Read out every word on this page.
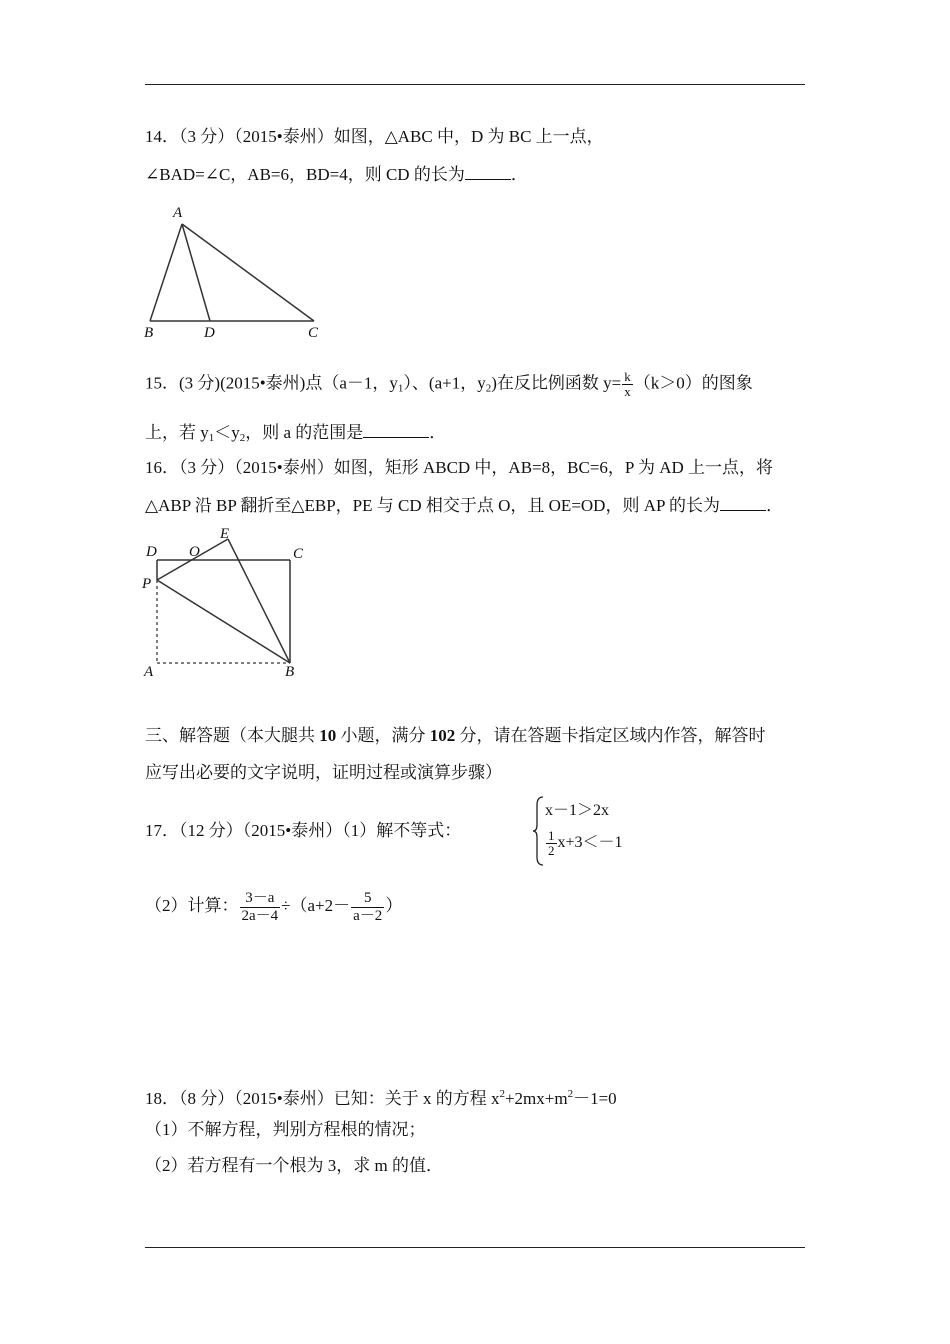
14．（3 分）（2015•泰州）如图，△ABC 中，D 为 BC 上一点，
∠BAD=∠C，AB=6，BD=4，则 CD 的长为	．
A
B	D	C
15．(3 分)(2015•泰州)点（a－1，$y_1$）、(a+1，$y_2$)在反比例函数 $y= \frac{k}{x} (k>0)$的图象
上，若 $y_1<y_2$，则 a 的范围是	．
16．（3 分）（2015•泰州）如图，矩形 ABCD 中，AB=8，BC=6，P 为 AD 上一点，将
△ABP 沿 BP 翻折至△EBP，PE 与 CD 相交于点 O，且 OE=OD，则 AP 的长为	．
D O
E
C
P
A	B
三、解答题（本大腿共 10 小题，满分 102 分，请在答题卡指定区域内作答，解答时
应写出必要的文字说明，证明过程或演算步骤）
17．（12 分）（2015•泰州）（1）解不等式：
x－1＞2x
$\frac{1}{2} x+3<-1$
（2）计算： $\frac{3-a}{2a-4} \div(a+2- \frac{5}{a-2}$ ）
18．（8 分）（2015•泰州）已知：关于 x 的方程 $x^2+2mx+m^2-1=0$
（1）不解方程，判别方程根的情况；
（2）若方程有一个根为 3，求 m 的值．
